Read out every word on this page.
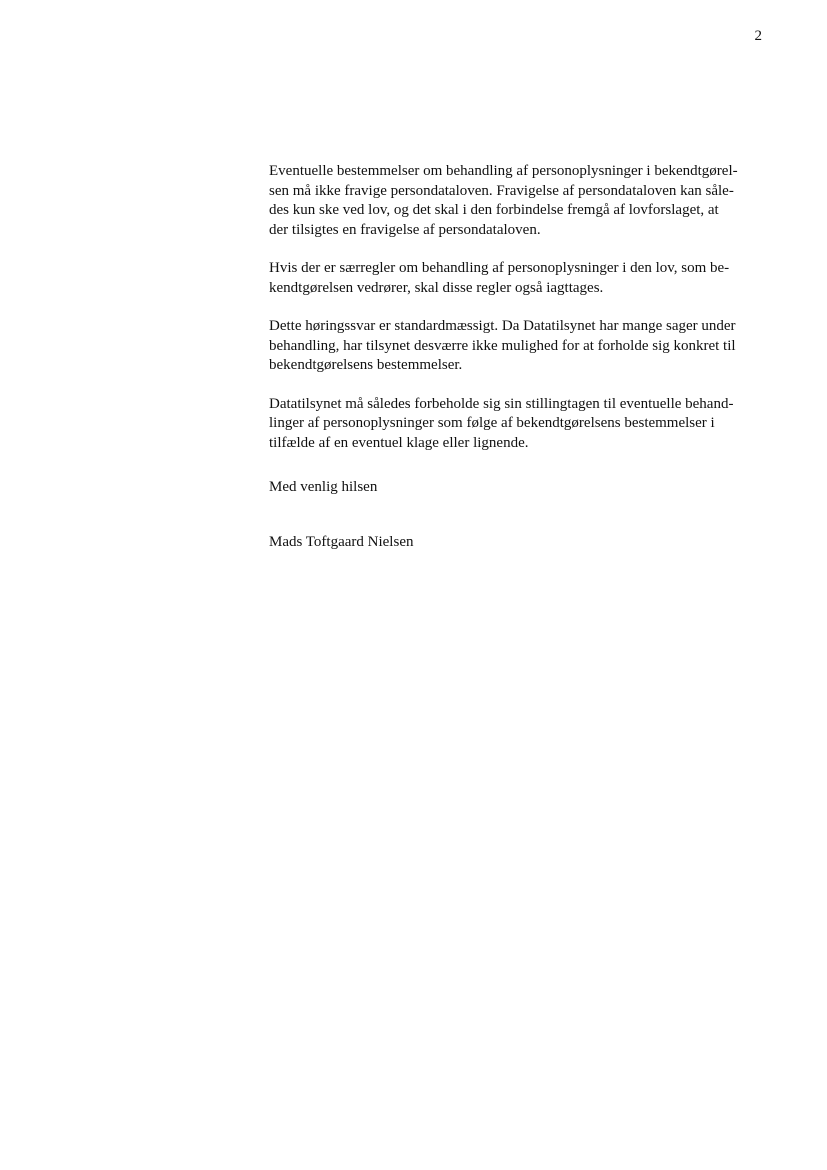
2

Eventuelle bestemmelser om behandling af personoplysninger i bekendtgørel-
sen må ikke fravige persondataloven. Fravigelse af persondataloven kan såle-
des kun ske ved lov, og det skal i den forbindelse fremgå af lovforslaget, at
der tilsigtes en fravigelse af persondataloven.

Hvis der er særregler om behandling af personoplysninger i den lov, som be-
kendtgørelsen vedrører, skal disse regler også iagttages.

Dette høringssvar er standardmæssigt. Da Datatilsynet har mange sager under
behandling, har tilsynet desværre ikke mulighed for at forholde sig konkret til
bekendtgørelsens bestemmelser.

Datatilsynet må således forbeholde sig sin stillingtagen til eventuelle behand-
linger af personoplysninger som følge af bekendtgørelsens bestemmelser i
tilfælde af en eventuel klage eller lignende.

Med venlig hilsen

Mads Toftgaard Nielsen
